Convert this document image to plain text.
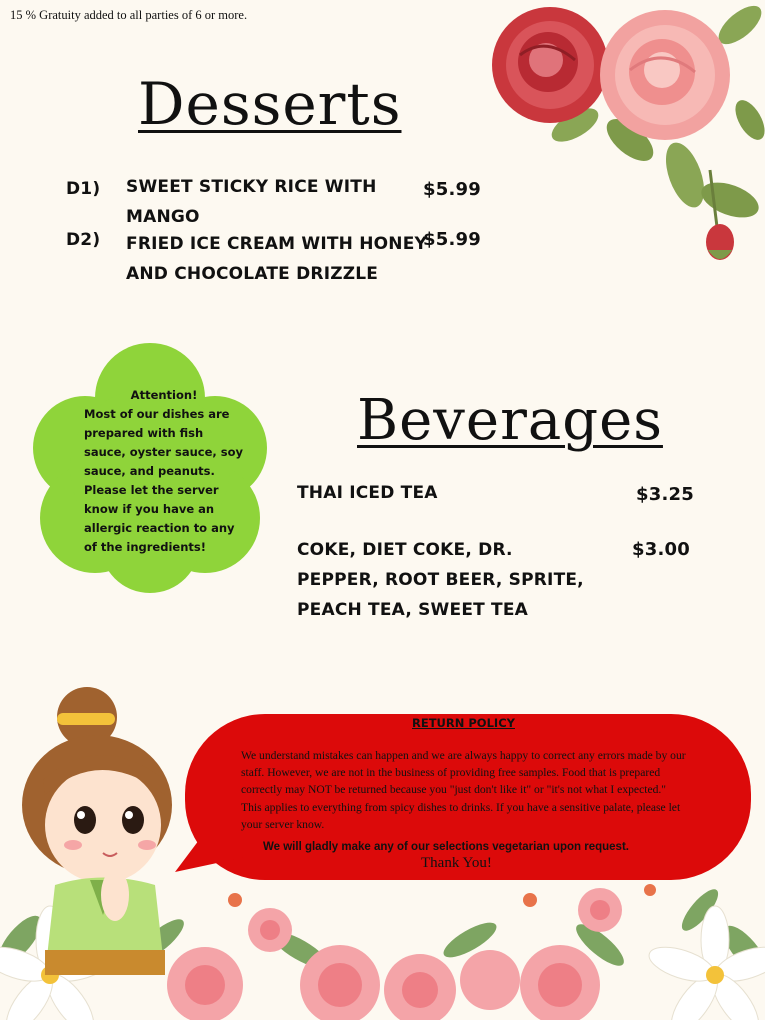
15 % Gratuity added to all parties of 6 or more.
Desserts
D1) SWEET STICKY RICE WITH MANGO
$5.99
D2) FRIED ICE CREAM WITH HONEY
AND CHOCOLATE DRIZZLE
$5.99
Attention!
Most of our dishes are prepared with fish sauce, oyster sauce, soy sauce, and peanuts. Please let the server know if you have an allergic reaction to any of the ingredients!
Beverages
THAI ICED TEA	$3.25
COKE, DIET COKE, DR.
PEPPER, ROOT BEER, SPRITE,
PEACH TEA, SWEET TEA
$3.00
RETURN POLICY
We understand mistakes can happen and we are always happy to correct any errors made by our staff. However, we are not in the business of providing free samples. Food that is prepared correctly may NOT be returned because you "just don't like it" or "it's not what I expected." This applies to everything from spicy dishes to drinks. If you have a sensitive palate, please let your server know.
We will gladly make any of our selections vegetarian upon request.
Thank You!
